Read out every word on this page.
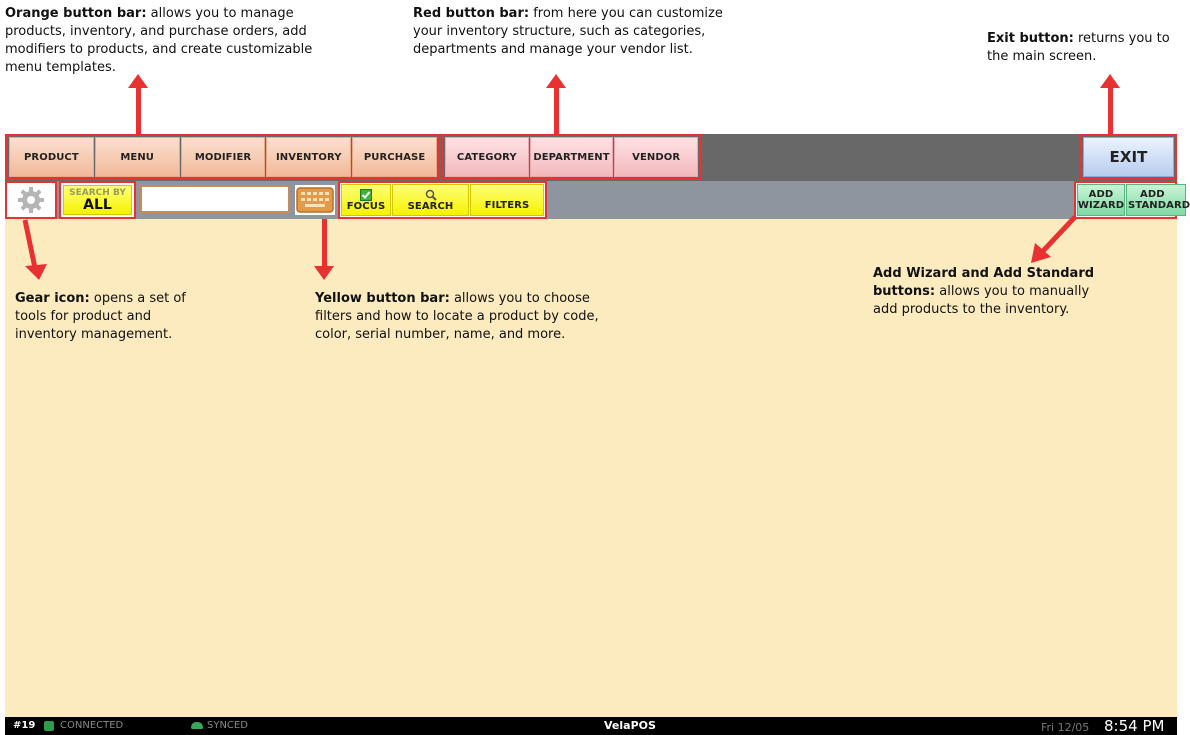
Orange button bar: allows you to manage products, inventory, and purchase orders, add modifiers to products, and create customizable menu templates.
Red button bar: from here you can customize your inventory structure, such as categories, departments and manage your vendor list.
Exit button: returns you to the main screen.
Gear icon: opens a set of tools for product and inventory management.
Yellow button bar: allows you to choose filters and how to locate a product by code, color, serial number, name, and more.
Add Wizard and Add Standard buttons: allows you to manually add products to the inventory.
PRODUCT	MENU	MODIFIER	INVENTORY	PURCHASE	CATEGORY	DEPARTMENT	VENDOR	EXIT
SEARCH BY
ALL	FOCUS SEARCH	FILTERS
ADD
WIZARD
ADD
STANDARD
#19 CONNECTED	SYNCED	VelaPOS	Fri 12/05 8:54 PM
